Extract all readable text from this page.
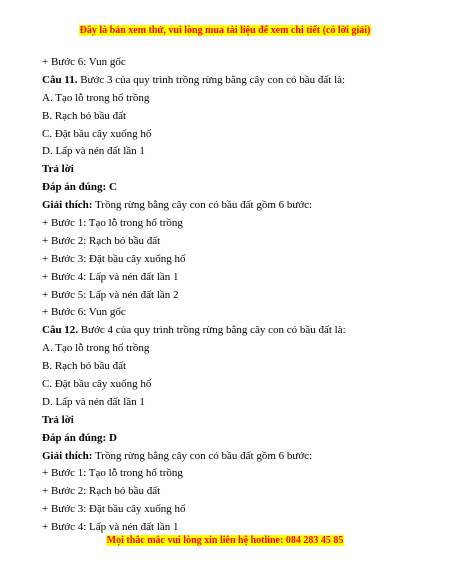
Đây là bản xem thử, vui lòng mua tài liệu để xem chi tiết (có lời giải)
+ Bước 6: Vun gốc
Câu 11. Bước 3 của quy trình trồng rừng bằng cây con có bầu đất là:
A. Tạo lỗ trong hố trồng
B. Rạch bỏ bầu đất
C. Đặt bầu cây xuống hố
D. Lấp và nén đất lần 1
Trả lời
Đáp án đúng: C
Giải thích: Trồng rừng bằng cây con có bầu đất gồm 6 bước:
+ Bước 1: Tạo lỗ trong hố trồng
+ Bước 2: Rạch bỏ bầu đất
+ Bước 3: Đặt bầu cây xuống hố
+ Bước 4: Lấp và nén đất lần 1
+ Bước 5: Lấp và nén đất lần 2
+ Bước 6: Vun gốc
Câu 12. Bước 4 của quy trình trồng rừng bằng cây con có bầu đất là:
A. Tạo lỗ trong hố trồng
B. Rạch bỏ bầu đất
C. Đặt bầu cây xuống hố
D. Lấp và nén đất lần 1
Trả lời
Đáp án đúng: D
Giải thích: Trồng rừng bằng cây con có bầu đất gồm 6 bước:
+ Bước 1: Tạo lỗ trong hố trồng
+ Bước 2: Rạch bỏ bầu đất
+ Bước 3: Đặt bầu cây xuống hố
+ Bước 4: Lấp và nén đất lần 1
Mọi thắc mắc vui lòng xin liên hệ hotline: 084 283 45 85
